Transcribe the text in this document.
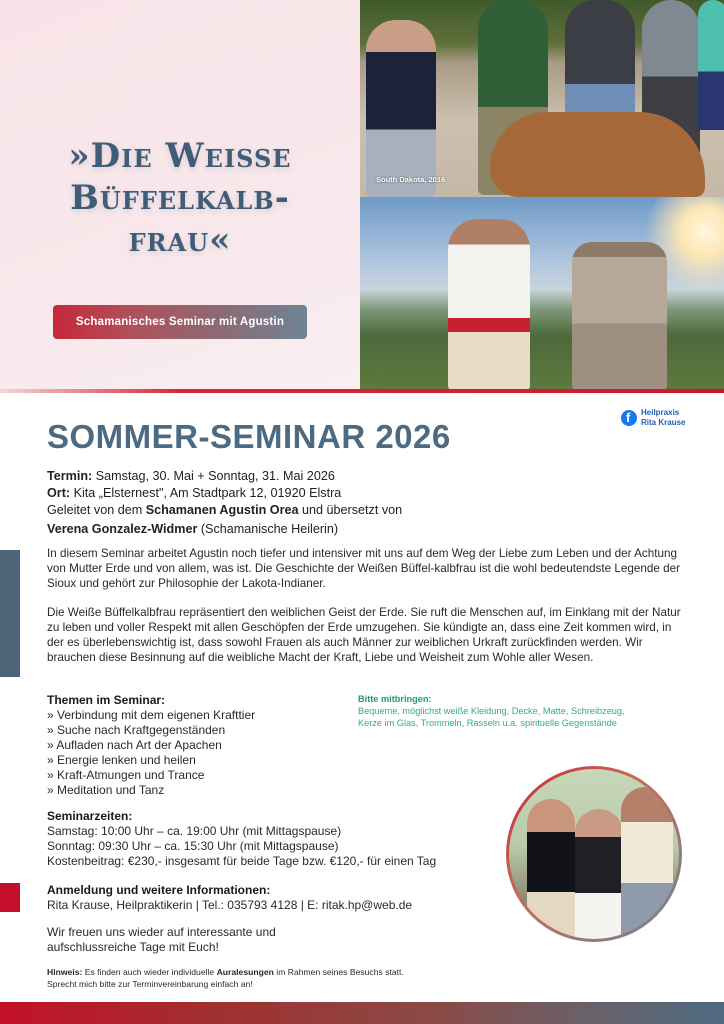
»Die Weisse
Büffelkalb-
frau«
Schamanisches Seminar mit Agustin
South Dakota, 2016
f
Heilpraxis
Rita Krause
SOMMER-SEMINAR 2026
Termin: Samstag, 30. Mai + Sonntag, 31. Mai 2026
Ort: Kita „Elsternest", Am Stadtpark 12, 01920 Elstra
Geleitet von dem Schamanen Agustin Orea und übersetzt von
Verena Gonzalez-Widmer (Schamanische Heilerin)
In diesem Seminar arbeitet Agustin noch tiefer und intensiver mit uns auf dem Weg der Liebe zum Leben und der Achtung von Mutter Erde und von allem, was ist. Die Geschichte der Weißen Büffel-kalbfrau ist die wohl bedeutendste Legende der Sioux und gehört zur Philosophie der Lakota-Indianer.
Die Weiße Büffelkalbfrau repräsentiert den weiblichen Geist der Erde. Sie ruft die Menschen auf, im Einklang mit der Natur zu leben und voller Respekt mit allen Geschöpfen der Erde umzugehen. Sie kündigte an, dass eine Zeit kommen wird, in der es überlebenswichtig ist, dass sowohl Frauen als auch Männer zur weiblichen Urkraft zurückfinden werden. Wir brauchen diese Besinnung auf die weibliche Macht der Kraft, Liebe und Weisheit zum Wohle aller Wesen.
Themen im Seminar:
» Verbindung mit dem eigenen Krafttier
» Suche nach Kraftgegenständen
» Aufladen nach Art der Apachen
» Energie lenken und heilen
» Kraft-Atmungen und Trance
» Meditation und Tanz
Bitte mitbringen:
Bequeme, möglichst weiße Kleidung, Decke, Matte, Schreibzeug,
Kerze im Glas, Trommeln, Rasseln u.a. spirituelle Gegenstände
Seminarzeiten:
Samstag: 10:00 Uhr – ca. 19:00 Uhr (mit Mittagspause)
Sonntag: 09:30 Uhr – ca. 15:30 Uhr (mit Mittagspause)
Kostenbeitrag: €230,- insgesamt für beide Tage bzw. €120,- für einen Tag
Anmeldung und weitere Informationen:
Rita Krause, Heilpraktikerin | Tel.: 035793 4128 | E: ritak.hp@web.de
Wir freuen uns wieder auf interessante und
aufschlussreiche Tage mit Euch!
Hinweis: Es finden auch wieder individuelle Auralesungen im Rahmen seines Besuchs statt.
Sprecht mich bitte zur Terminvereinbarung einfach an!
